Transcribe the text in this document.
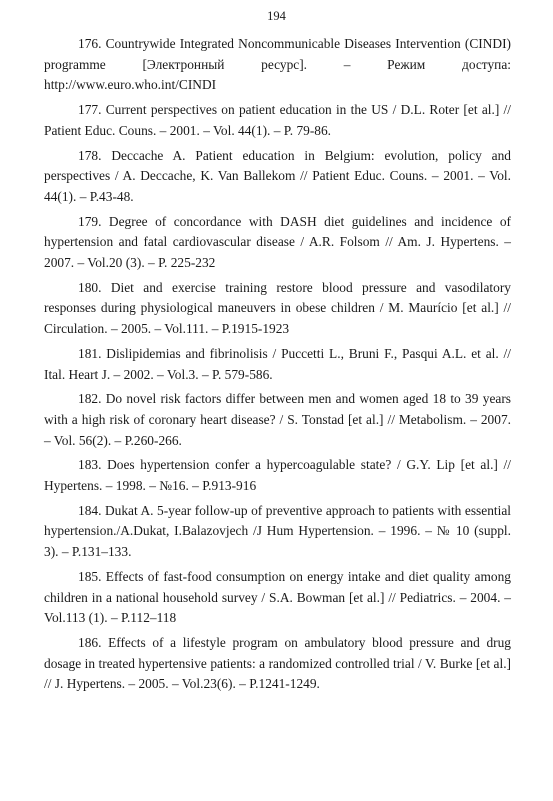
194

176. Countrywide Integrated Noncommunicable Diseases Intervention (CINDI) programme [Электронный ресурс]. – Режим доступа: http://www.euro.who.int/CINDI

177. Current perspectives on patient education in the US / D.L. Roter [et al.] // Patient Educ. Couns. – 2001. – Vol. 44(1). – P. 79-86.

178. Deccache A. Patient education in Belgium: evolution, policy and perspectives / A. Deccache, K. Van Ballekom // Patient Educ. Couns. – 2001. – Vol. 44(1). – P.43-48.

179. Degree of concordance with DASH diet guidelines and incidence of hypertension and fatal cardiovascular disease / A.R. Folsom // Am. J. Hypertens. – 2007. – Vol.20 (3). – P. 225-232

180. Diet and exercise training restore blood pressure and vasodilatory responses during physiological maneuvers in obese children / M. Maurício [et al.] // Circulation. – 2005. – Vol.111. – P.1915-1923

181. Dislipidemias and fibrinolisis / Puccetti L., Bruni F., Pasqui A.L. et al. // Ital. Heart J. – 2002. – Vol.3. – P. 579-586.

182. Do novel risk factors differ between men and women aged 18 to 39 years with a high risk of coronary heart disease? / S. Tonstad [et al.] // Metabolism. – 2007. – Vol. 56(2). – P.260-266.

183. Does hypertension confer a hypercoagulable state? / G.Y. Lip [et al.] // Hypertens. – 1998. – №16. – P.913-916

184. Dukat A. 5-year follow-up of preventive approach to patients with essential hypertension./A.Dukat, I.Balazovjech /J Hum Hypertension. – 1996. – № 10 (suppl. 3). – P.131–133.

185. Effects of fast-food consumption on energy intake and diet quality among children in a national household survey / S.A. Bowman [et al.] // Pediatrics. – 2004. – Vol.113 (1). – P.112–118

186. Effects of a lifestyle program on ambulatory blood pressure and drug dosage in treated hypertensive patients: a randomized controlled trial / V. Burke [et al.] // J. Hypertens. – 2005. – Vol.23(6). – P.1241-1249.
